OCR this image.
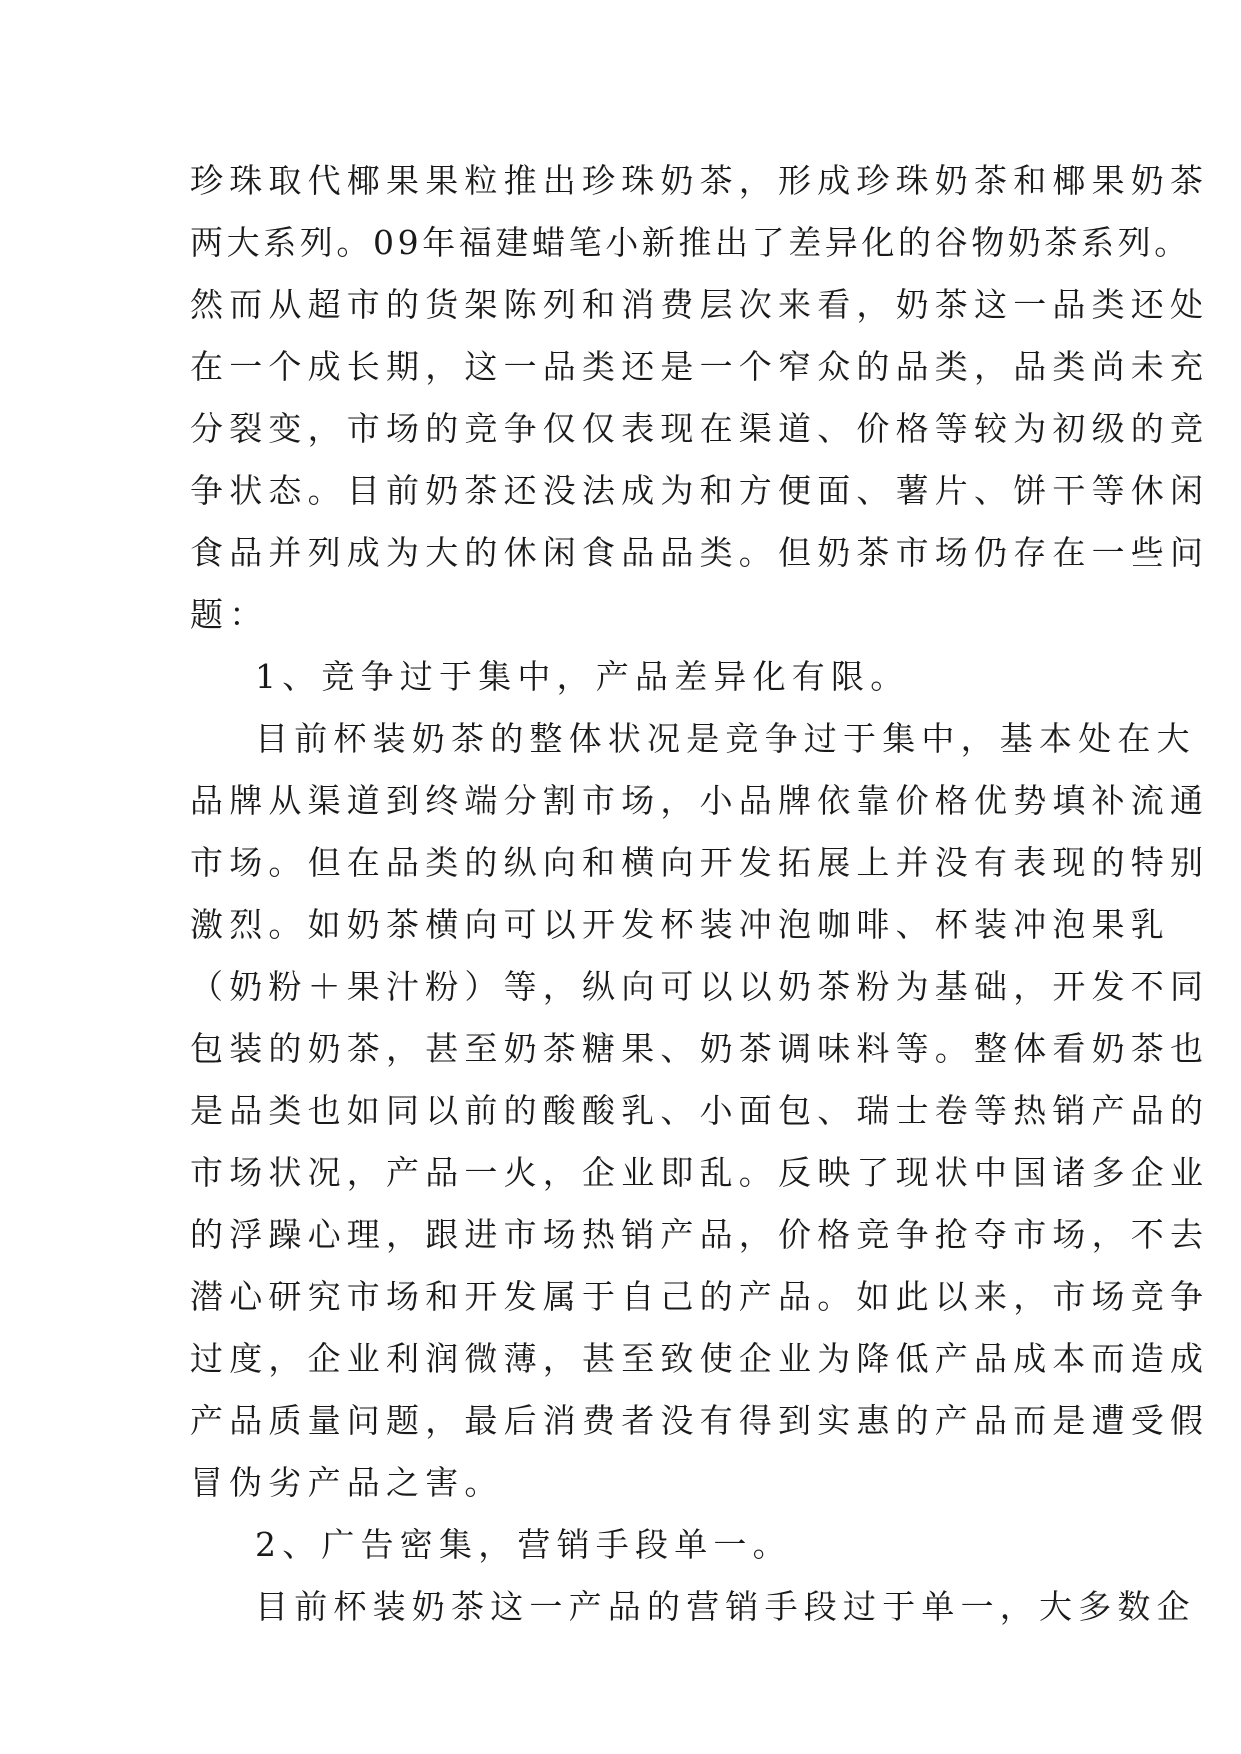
珍珠取代椰果果粒推出珍珠奶茶，形成珍珠奶茶和椰果奶茶
两大系列。09年福建蜡笔小新推出了差异化的谷物奶茶系列。
然而从超市的货架陈列和消费层次来看，奶茶这一品类还处
在一个成长期，这一品类还是一个窄众的品类，品类尚未充
分裂变，市场的竞争仅仅表现在渠道、价格等较为初级的竞
争状态。目前奶茶还没法成为和方便面、薯片、饼干等休闲
食品并列成为大的休闲食品品类。但奶茶市场仍存在一些问
题：
1、竞争过于集中，产品差异化有限。
目前杯装奶茶的整体状况是竞争过于集中，基本处在大
品牌从渠道到终端分割市场，小品牌依靠价格优势填补流通
市场。但在品类的纵向和横向开发拓展上并没有表现的特别
激烈。如奶茶横向可以开发杯装冲泡咖啡、杯装冲泡果乳
（奶粉＋果汁粉）等，纵向可以以奶茶粉为基础，开发不同
包装的奶茶，甚至奶茶糖果、奶茶调味料等。整体看奶茶也
是品类也如同以前的酸酸乳、小面包、瑞士卷等热销产品的
市场状况，产品一火，企业即乱。反映了现状中国诸多企业
的浮躁心理，跟进市场热销产品，价格竞争抢夺市场，不去
潜心研究市场和开发属于自己的产品。如此以来，市场竞争
过度，企业利润微薄，甚至致使企业为降低产品成本而造成
产品质量问题，最后消费者没有得到实惠的产品而是遭受假
冒伪劣产品之害。
2、广告密集，营销手段单一。
目前杯装奶茶这一产品的营销手段过于单一，大多数企
